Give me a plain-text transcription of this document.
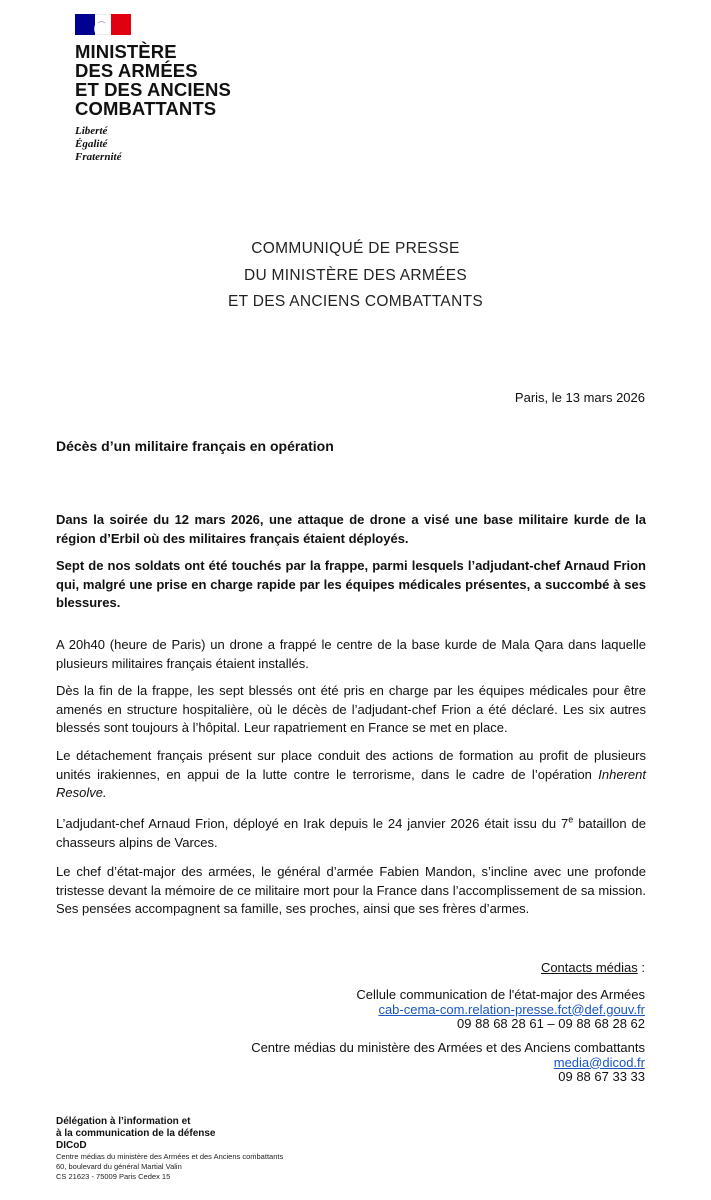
MINISTÈRE
DES ARMÉES
ET DES ANCIENS
COMBATTANTS
Liberté
Égalité
Fraternité
COMMUNIQUÉ DE PRESSE
DU MINISTÈRE DES ARMÉES
ET DES ANCIENS COMBATTANTS
Paris, le 13 mars 2026
Décès d’un militaire français en opération
Dans la soirée du 12 mars 2026, une attaque de drone a visé une base militaire kurde de la région d’Erbil où des militaires français étaient déployés.
Sept de nos soldats ont été touchés par la frappe, parmi lesquels l’adjudant-chef Arnaud Frion qui, malgré une prise en charge rapide par les équipes médicales présentes, a succombé à ses blessures.
A 20h40 (heure de Paris) un drone a frappé le centre de la base kurde de Mala Qara dans laquelle plusieurs militaires français étaient installés.
Dès la fin de la frappe, les sept blessés ont été pris en charge par les équipes médicales pour être amenés en structure hospitalière, où le décès de l’adjudant-chef Frion a été déclaré. Les six autres blessés sont toujours à l’hôpital. Leur rapatriement en France se met en place.
Le détachement français présent sur place conduit des actions de formation au profit de plusieurs unités irakiennes, en appui de la lutte contre le terrorisme, dans le cadre de l’opération Inherent Resolve.
L’adjudant-chef Arnaud Frion, déployé en Irak depuis le 24 janvier 2026 était issu du 7e bataillon de chasseurs alpins de Varces.
Le chef d’état-major des armées, le général d’armée Fabien Mandon, s’incline avec une profonde tristesse devant la mémoire de ce militaire mort pour la France dans l’accomplissement de sa mission. Ses pensées accompagnent sa famille, ses proches, ainsi que ses frères d’armes.
Contacts médias :
Cellule communication de l'état-major des Armées
cab-cema-com.relation-presse.fct@def.gouv.fr
09 88 68 28 61 – 09 88 68 28 62
Centre médias du ministère des Armées et des Anciens combattants
media@dicod.fr
09 88 67 33 33
Délégation à l’information et
à la communication de la défense
DICoD
Centre médias du ministère des Armées et des Anciens combattants
60, boulevard du général Martial Valin
CS 21623 - 75009 Paris Cedex 15
